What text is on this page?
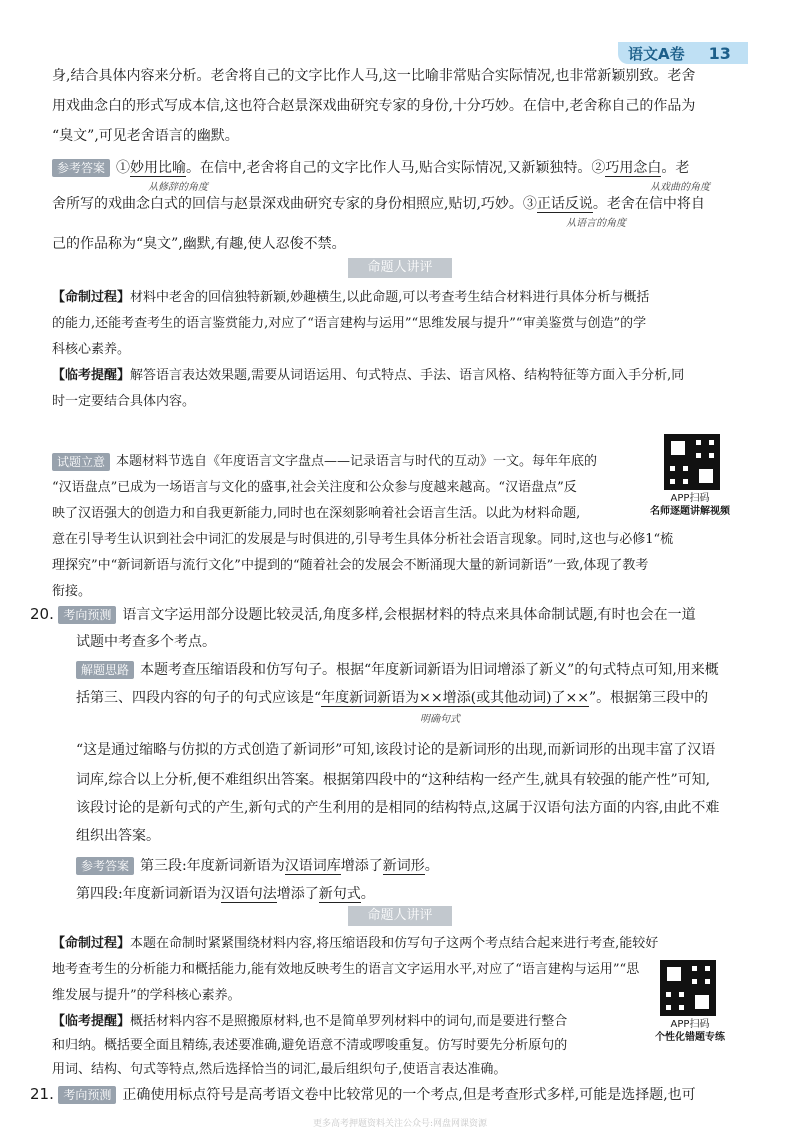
语文A卷 13
身,结合具体内容来分析。老舍将自己的文字比作人马,这一比喻非常贴合实际情况,也非常新颖别致。老舍
用戏曲念白的形式写成本信,这也符合赵景深戏曲研究专家的身份,十分巧妙。在信中,老舍称自己的作品为
“臭文”,可见老舍语言的幽默。
参考答案 ①妙用比喻。在信中,老舍将自己的文字比作人马,贴合实际情况,又新颖独特。②巧用念白。老
从修辞的角度	从戏曲的角度
舍所写的戏曲念白式的回信与赵景深戏曲研究专家的身份相照应,贴切,巧妙。③正话反说。老舍在信中将自
从语言的角度
己的作品称为“臭文”,幽默,有趣,使人忍俊不禁。
命题人讲评
【命制过程】材料中老舍的回信独特新颖,妙趣横生,以此命题,可以考查考生结合材料进行具体分析与概括
的能力,还能考查考生的语言鉴赏能力,对应了“语言建构与运用”“思维发展与提升”“审美鉴赏与创造”的学
科核心素养。
【临考提醒】解答语言表达效果题,需要从词语运用、句式特点、手法、语言风格、结构特征等方面入手分析,同
时一定要结合具体内容。
试题立意 本题材料节选自《年度语言文字盘点——记录语言与时代的互动》一文。每年年底的
“汉语盘点”已成为一场语言与文化的盛事,社会关注度和公众参与度越来越高。“汉语盘点”反
映了汉语强大的创造力和自我更新能力,同时也在深刻影响着社会语言生活。以此为材料命题,
意在引导考生认识到社会中词汇的发展是与时俱进的,引导考生具体分析社会语言现象。同时,这也与必修1“梳
理探究”中“新词新语与流行文化”中提到的“随着社会的发展会不断涌现大量的新词新语”一致,体现了教考
衔接。
APP扫码
名师逐题讲解视频
20. 考向预测 语言文字运用部分设题比较灵活,角度多样,会根据材料的特点来具体命制试题,有时也会在一道
试题中考查多个考点。
解题思路 本题考查压缩语段和仿写句子。根据“年度新词新语为旧词增添了新义”的句式特点可知,用来概
括第三、四段内容的句子的句式应该是“年度新词新语为××增添(或其他动词)了××”。根据第三段中的
明确句式
“这是通过缩略与仿拟的方式创造了新词形”可知,该段讨论的是新词形的出现,而新词形的出现丰富了汉语
词库,综合以上分析,便不难组织出答案。根据第四段中的“这种结构一经产生,就具有较强的能产性”可知,
该段讨论的是新句式的产生,新句式的产生利用的是相同的结构特点,这属于汉语句法方面的内容,由此不难
组织出答案。
参考答案 第三段:年度新词新语为汉语词库增添了新词形。
第四段:年度新词新语为汉语句法增添了新句式。
命题人讲评
【命制过程】本题在命制时紧紧围绕材料内容,将压缩语段和仿写句子这两个考点结合起来进行考查,能较好
地考查考生的分析能力和概括能力,能有效地反映考生的语言文字运用水平,对应了“语言建构与运用”“思
维发展与提升”的学科核心素养。
【临考提醒】概括材料内容不是照搬原材料,也不是简单罗列材料中的词句,而是要进行整合
和归纳。概括要全面且精练,表述要准确,避免语意不清或啰唆重复。仿写时要先分析原句的
用词、结构、句式等特点,然后选择恰当的词汇,最后组织句子,使语言表达准确。
APP扫码
个性化错题专练
21. 考向预测 正确使用标点符号是高考语文卷中比较常见的一个考点,但是考查形式多样,可能是选择题,也可
更多高考押题资料关注公众号:网盘网课资源
